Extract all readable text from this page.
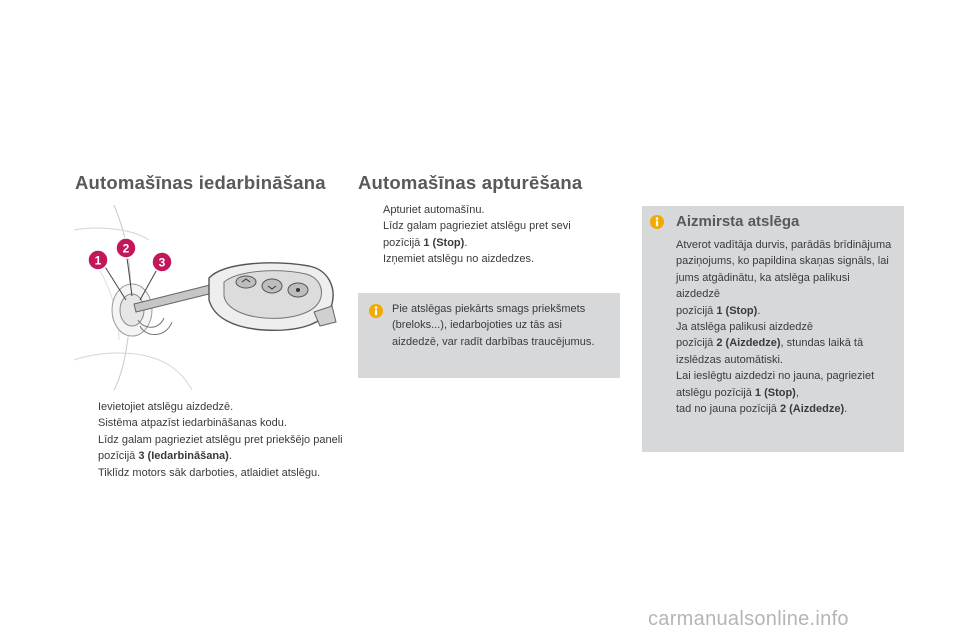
Automašīnas iedarbināšana
1
2
3
Ievietojiet atslēgu aizdedzē.
Sistēma atpazīst iedarbināšanas kodu.
Līdz galam pagrieziet atslēgu pret priekšējo paneli pozīcijā 3 (Iedarbināšana).
Tiklīdz motors sāk darboties, atlaidiet atslēgu.
Automašīnas apturēšana
Apturiet automašīnu.
Līdz galam pagrieziet atslēgu pret sevi pozīcijā 1 (Stop).
Izņemiet atslēgu no aizdedzes.
Pie atslēgas piekārts smags priekšmets (breloks...), iedarbojoties uz tās asi aizdedzē, var radīt darbības traucējumus.
Aizmirsta atslēga
Atverot vadītāja durvis, parādās brīdinājuma paziņojums, ko papildina skaņas signāls, lai jums atgādinātu, ka atslēga palikusi aizdedzē
pozīcijā 1 (Stop).
Ja atslēga palikusi aizdedzē
pozīcijā 2 (Aizdedze), stundas laikā tā izslēdzas automātiski.
Lai ieslēgtu aizdedzi no jauna, pagrieziet atslēgu pozīcijā 1 (Stop),
tad no jauna pozīcijā 2 (Aizdedze).
carmanualsonline.info
